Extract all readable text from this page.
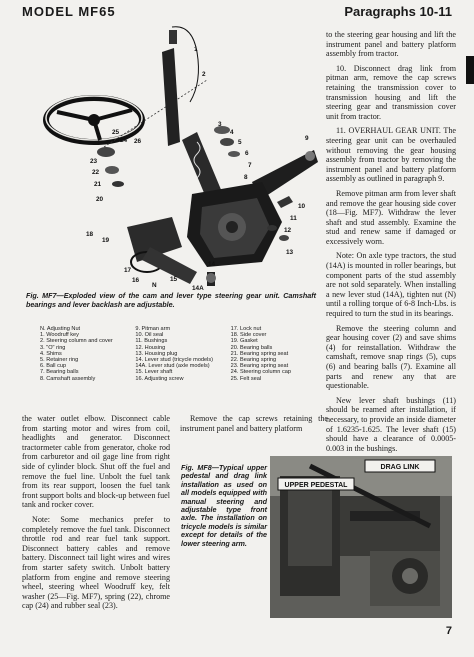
MODEL MF65	Paragraphs 10-11
1
2
3
4
5
6
7
8
9
10
11
12
13
14
14A
15
16
17
18
19
20
21
22
23
24
25
26
N
Fig. MF7—Exploded view of the cam and lever type steering gear unit. Camshaft bearings and lever backlash are adjustable.
N. Adjusting Nut
1. Woodruff key
2. Steering column and cover
3. "O" ring
4. Shims
5. Retainer ring
6. Ball cup
7. Bearing balls
8. Camshaft assembly
9. Pitman arm
10. Oil seal
11. Bushings
12. Housing
13. Housing plug
14. Lever stud (tricycle models)
14A. Lever stud (axle models)
15. Lever shaft
16. Adjusting screw
17. Lock nut
18. Side cover
19. Gasket
20. Bearing balls
21. Bearing spring seat
22. Bearing spring
23. Bearing spring seat
24. Steering column cap
25. Felt seal

to the steering gear housing and lift the instrument panel and battery platform assembly from tractor.

10. Disconnect drag link from pitman arm, remove the cap screws retaining the transmission cover to transmission housing and lift the steering gear and transmission cover unit from tractor.

11. OVERHAUL GEAR UNIT. The steering gear unit can be overhauled without removing the gear housing assembly from tractor by removing the instrument panel and battery platform assembly as outlined in paragraph 9.

Remove pitman arm from lever shaft and remove the gear housing side cover (18—Fig. MF7). Withdraw the lever shaft and stud assembly. Examine the stud and renew same if damaged or excessively worn.

Note: On axle type tractors, the stud (14A) is mounted in roller bearings, but component parts of the stud assembly are not sold separately. When installing a new lever stud (14A), tighten nut (N) until a rolling torque of 6-8 Inch-Lbs. is required to turn the stud in its bearings.

Remove the steering column and gear housing cover (2) and save shims (4) for reinstallation. Withdraw the camshaft, remove snap rings (5), cups (6) and bearing balls (7). Examine all parts and renew any that are questionable.

New lever shaft bushings (11) should be reamed after installation, if necessary, to provide an inside diameter of 1.6235-1.625. The lever shaft (15) should have a clearance of 0.0005-0.003 in the bushings.

the water outlet elbow. Disconnect cable from starting motor and wires from coil, headlights and generator. Disconnect tractormeter cable from generator, choke rod from carburetor and oil gage line from right side of cylinder block. Shut off the fuel and remove the fuel line. Unbolt the fuel tank from its rear support, loosen the fuel tank front support bolts and block-up between fuel tank and rocker cover.

Note: Some mechanics prefer to completely remove the fuel tank. Disconnect throttle rod and rear fuel tank support. Disconnect battery cables and remove battery. Disconnect tail light wires and wires from starter safety switch. Unbolt battery platform from engine and remove steering wheel, steering wheel Woodruff key, felt washer (25—Fig. MF7), spring (22), chrome cap (24) and rubber seal (23).

Remove the cap screws retaining the instrument panel and battery platform

Fig. MF8—Typical upper pedestal and drag link installation as used on all models equipped with manual steering and adjustable type front axle. The installation on tricycle models is similar except for details of the lower steering arm.
DRAG LINK
UPPER PEDESTAL
7
